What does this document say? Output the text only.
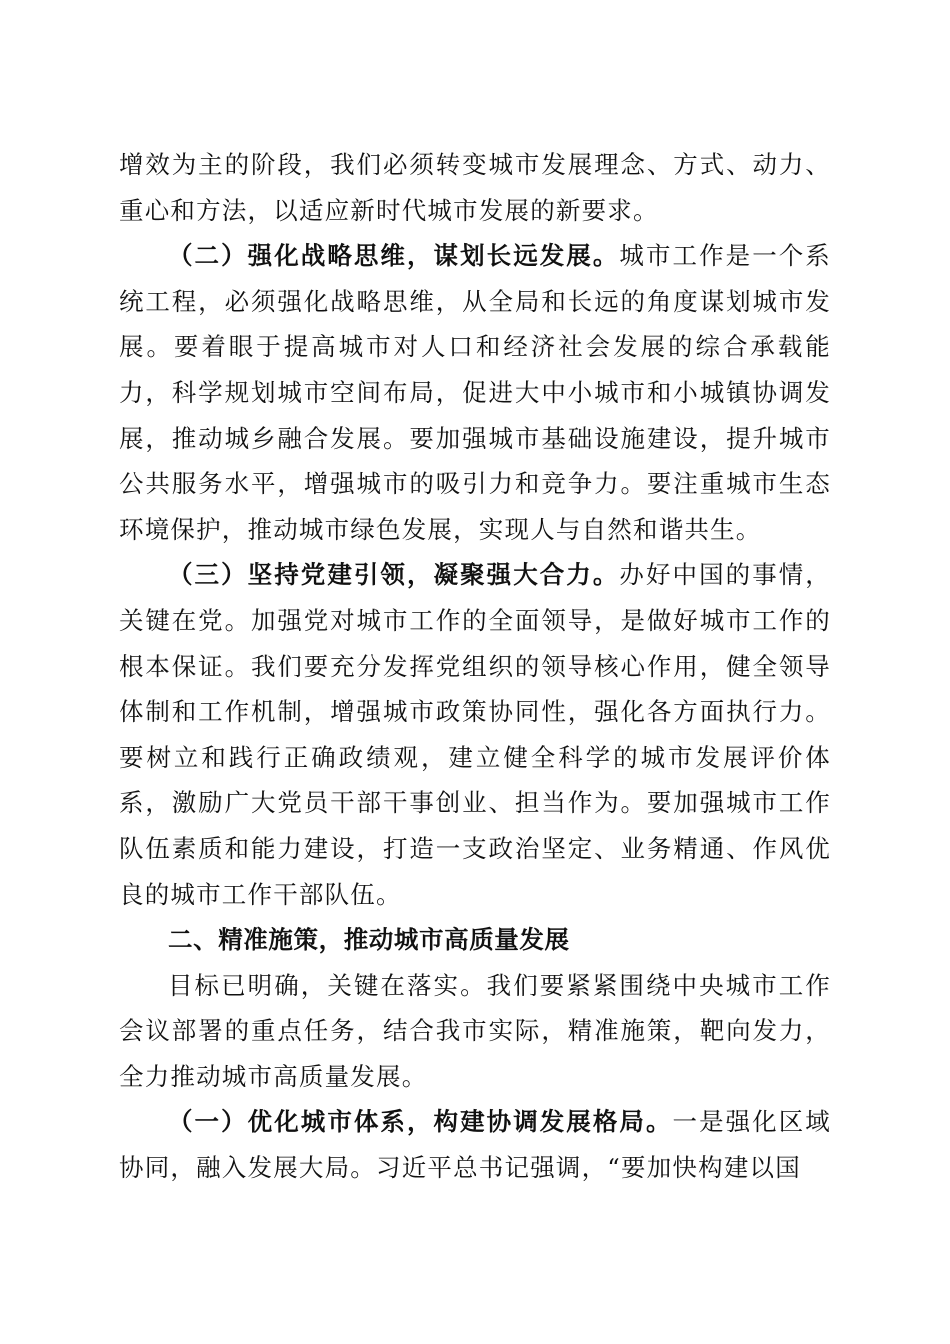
增效为主的阶段，我们必须转变城市发展理念、方式、动力、重心和方法，以适应新时代城市发展的新要求。

（二）强化战略思维，谋划长远发展。城市工作是一个系统工程，必须强化战略思维，从全局和长远的角度谋划城市发展。要着眼于提高城市对人口和经济社会发展的综合承载能力，科学规划城市空间布局，促进大中小城市和小城镇协调发展，推动城乡融合发展。要加强城市基础设施建设，提升城市公共服务水平，增强城市的吸引力和竞争力。要注重城市生态环境保护，推动城市绿色发展，实现人与自然和谐共生。

（三）坚持党建引领，凝聚强大合力。办好中国的事情，关键在党。加强党对城市工作的全面领导，是做好城市工作的根本保证。我们要充分发挥党组织的领导核心作用，健全领导体制和工作机制，增强城市政策协同性，强化各方面执行力。要树立和践行正确政绩观，建立健全科学的城市发展评价体系，激励广大党员干部干事创业、担当作为。要加强城市工作队伍素质和能力建设，打造一支政治坚定、业务精通、作风优良的城市工作干部队伍。

二、精准施策，推动城市高质量发展

目标已明确，关键在落实。我们要紧紧围绕中央城市工作会议部署的重点任务，结合我市实际，精准施策，靶向发力，全力推动城市高质量发展。

（一）优化城市体系，构建协调发展格局。一是强化区域协同，融入发展大局。习近平总书记强调，“要加快构建以国
